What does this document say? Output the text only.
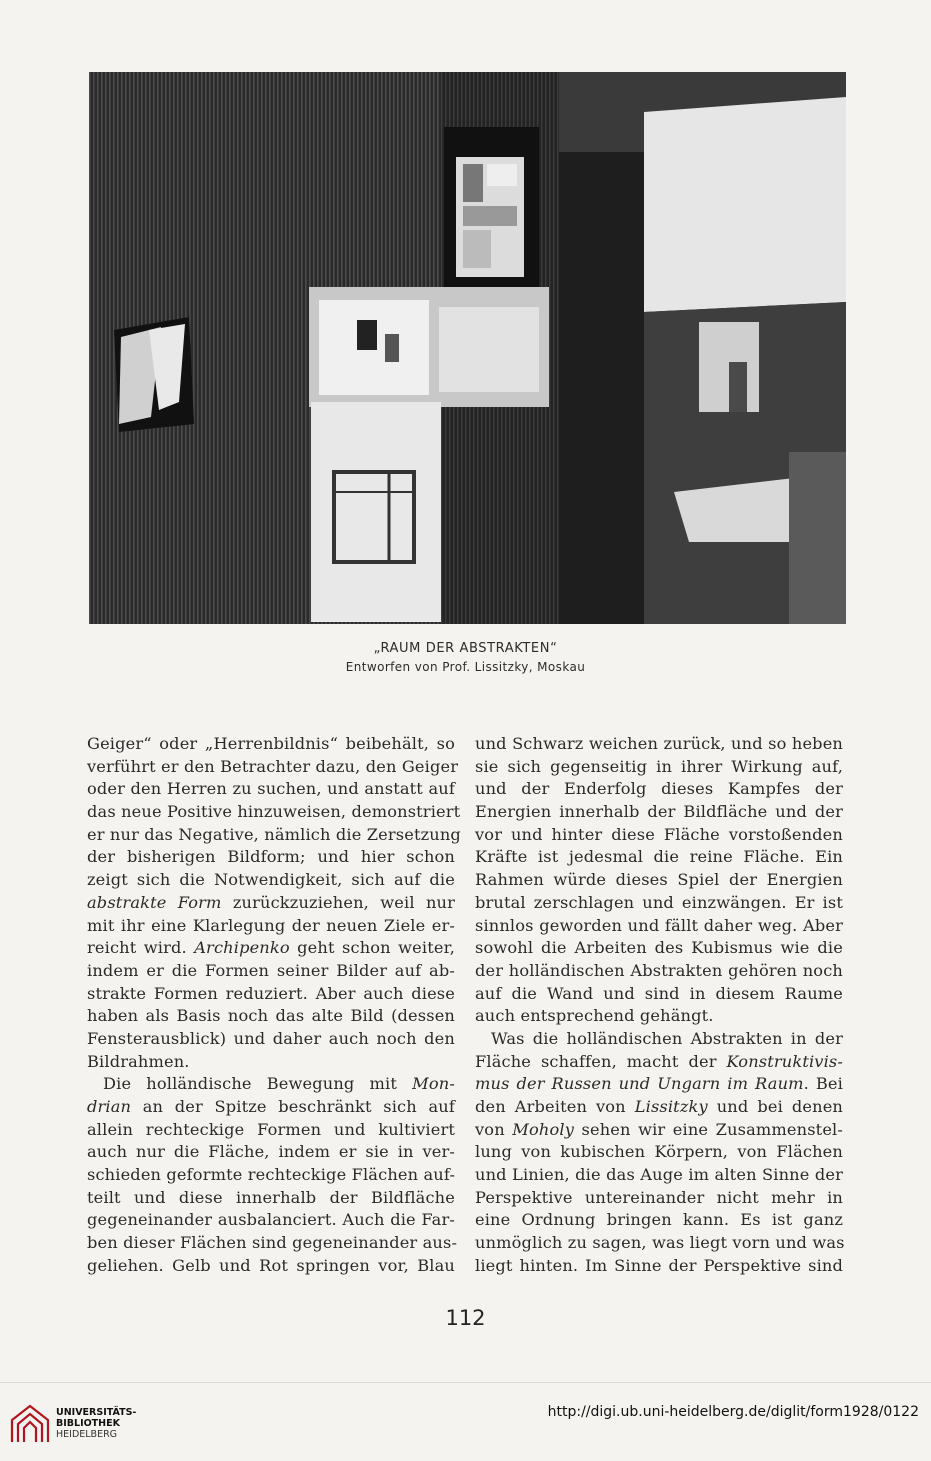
„RAUM DER ABSTRAKTEN“
Entworfen von Prof. Lissitzky, Moskau
Geiger“ oder „Herrenbildnis“ beibehält, so
verführt er den Betrachter dazu, den Geiger
oder den Herren zu suchen, und anstatt auf
das neue Positive hinzuweisen, demonstriert
er nur das Negative, nämlich die Zersetzung
der bisherigen Bildform; und hier schon
zeigt sich die Notwendigkeit, sich auf die
abstrakte Form zurückzuziehen, weil nur
mit ihr eine Klarlegung der neuen Ziele er-
reicht wird. Archipenko geht schon weiter,
indem er die Formen seiner Bilder auf ab-
strakte Formen reduziert. Aber auch diese
haben als Basis noch das alte Bild (dessen
Fensterausblick) und daher auch noch den
Bildrahmen.
Die holländische Bewegung mit Mon-
drian an der Spitze beschränkt sich auf
allein rechteckige Formen und kultiviert
auch nur die Fläche, indem er sie in ver-
schieden geformte rechteckige Flächen auf-
teilt und diese innerhalb der Bildfläche
gegeneinander ausbalanciert. Auch die Far-
ben dieser Flächen sind gegeneinander aus-
geliehen. Gelb und Rot springen vor, Blau
und Schwarz weichen zurück, und so heben
sie sich gegenseitig in ihrer Wirkung auf,
und der Enderfolg dieses Kampfes der
Energien innerhalb der Bildfläche und der
vor und hinter diese Fläche vorstoßenden
Kräfte ist jedesmal die reine Fläche. Ein
Rahmen würde dieses Spiel der Energien
brutal zerschlagen und einzwängen. Er ist
sinnlos geworden und fällt daher weg. Aber
sowohl die Arbeiten des Kubismus wie die
der holländischen Abstrakten gehören noch
auf die Wand und sind in diesem Raume
auch entsprechend gehängt.
Was die holländischen Abstrakten in der
Fläche schaffen, macht der Konstruktivis-
mus der Russen und Ungarn im Raum. Bei
den Arbeiten von Lissitzky und bei denen
von Moholy sehen wir eine Zusammenstel-
lung von kubischen Körpern, von Flächen
und Linien, die das Auge im alten Sinne der
Perspektive untereinander nicht mehr in
eine Ordnung bringen kann. Es ist ganz
unmöglich zu sagen, was liegt vorn und was
liegt hinten. Im Sinne der Perspektive sind
112
UNIVERSITÄTS-
BIBLIOTHEK
HEIDELBERG
http://digi.ub.uni-heidelberg.de/diglit/form1928/0122
